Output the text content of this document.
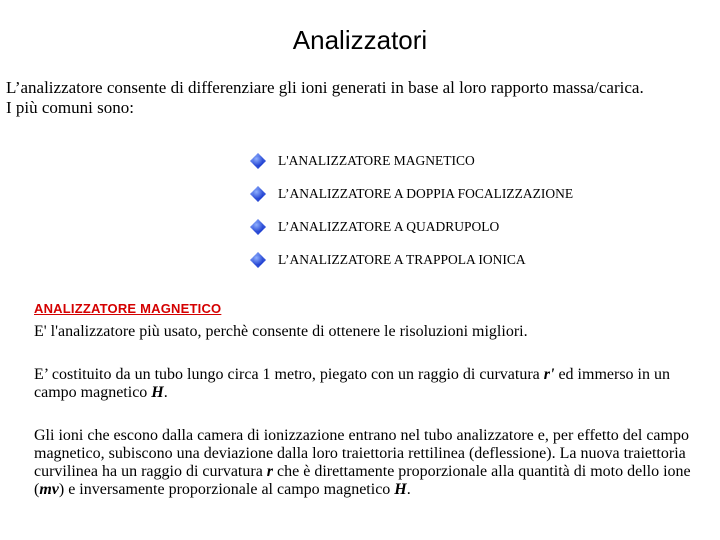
Analizzatori
L’analizzatore consente di differenziare gli ioni generati in base al loro rapporto massa/carica.
I più comuni sono:
L'ANALIZZATORE MAGNETICO
L’ANALIZZATORE A DOPPIA FOCALIZZAZIONE
L’ANALIZZATORE A QUADRUPOLO
L’ANALIZZATORE A TRAPPOLA IONICA
ANALIZZATORE MAGNETICO

E' l'analizzatore più usato, perchè consente di ottenere le risoluzioni migliori.

E’ costituito da un tubo lungo circa 1 metro, piegato con un raggio di curvatura r' ed immerso in un campo magnetico H.

Gli ioni che escono dalla camera di ionizzazione entrano nel tubo analizzatore e, per effetto del campo magnetico, subiscono una deviazione dalla loro traiettoria rettilinea (deflessione). La nuova traiettoria curvilinea ha un raggio di curvatura r che è direttamente proporzionale alla quantità di moto dello ione (mv) e inversamente proporzionale al campo magnetico H.
